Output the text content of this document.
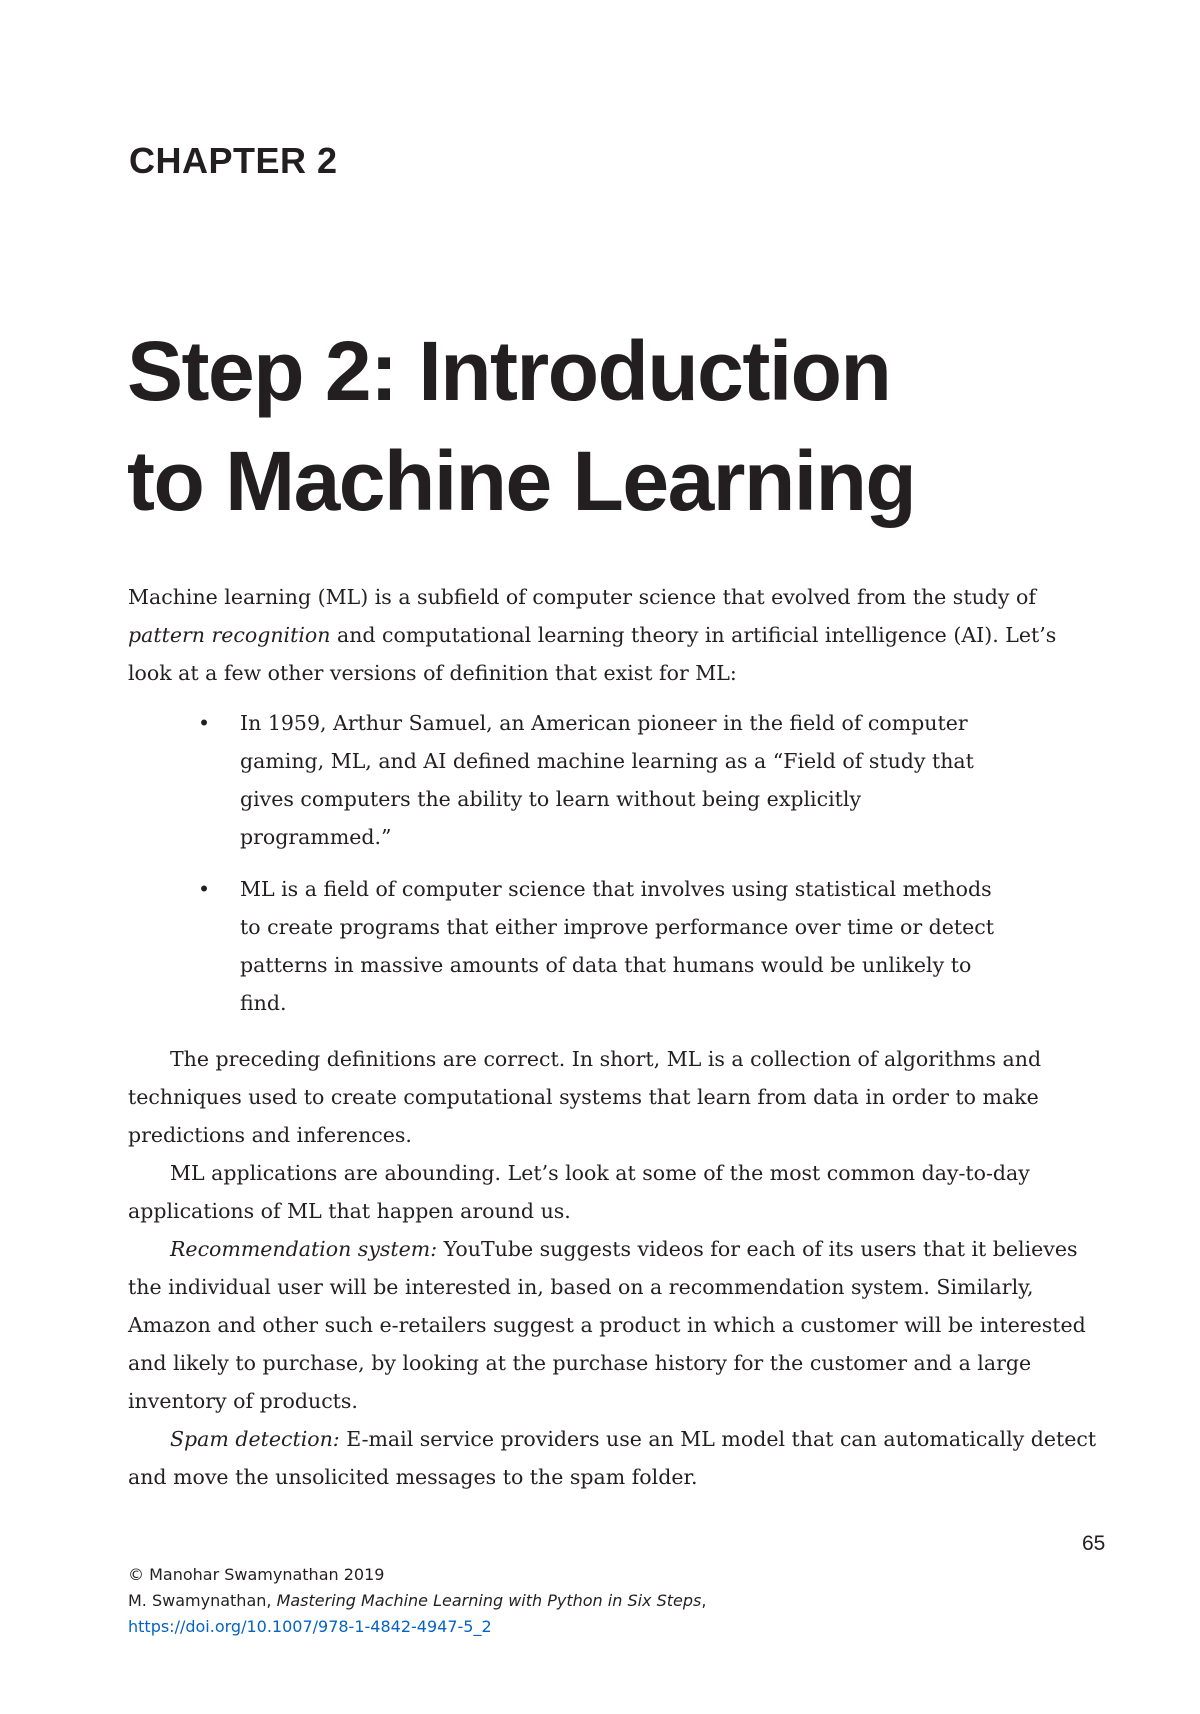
CHAPTER 2
Step 2: Introduction
to Machine Learning
Machine learning (ML) is a subfield of computer science that evolved from the study of pattern recognition and computational learning theory in artificial intelligence (AI). Let’s look at a few other versions of definition that exist for ML:
• In 1959, Arthur Samuel, an American pioneer in the field of computer gaming, ML, and AI defined machine learning as a “Field of study that gives computers the ability to learn without being explicitly programmed.”
• ML is a field of computer science that involves using statistical methods to create programs that either improve performance over time or detect patterns in massive amounts of data that humans would be unlikely to find.

The preceding definitions are correct. In short, ML is a collection of algorithms and techniques used to create computational systems that learn from data in order to make predictions and inferences.

ML applications are abounding. Let’s look at some of the most common day-to-day applications of ML that happen around us.

Recommendation system: YouTube suggests videos for each of its users that it believes the individual user will be interested in, based on a recommendation system. Similarly, Amazon and other such e-retailers suggest a product in which a customer will be interested and likely to purchase, by looking at the purchase history for the customer and a large inventory of products.

Spam detection: E-mail service providers use an ML model that can automatically detect and move the unsolicited messages to the spam folder.

65
© Manohar Swamynathan 2019
M. Swamynathan, Mastering Machine Learning with Python in Six Steps,
https://doi.org/10.1007/978-1-4842-4947-5_2
